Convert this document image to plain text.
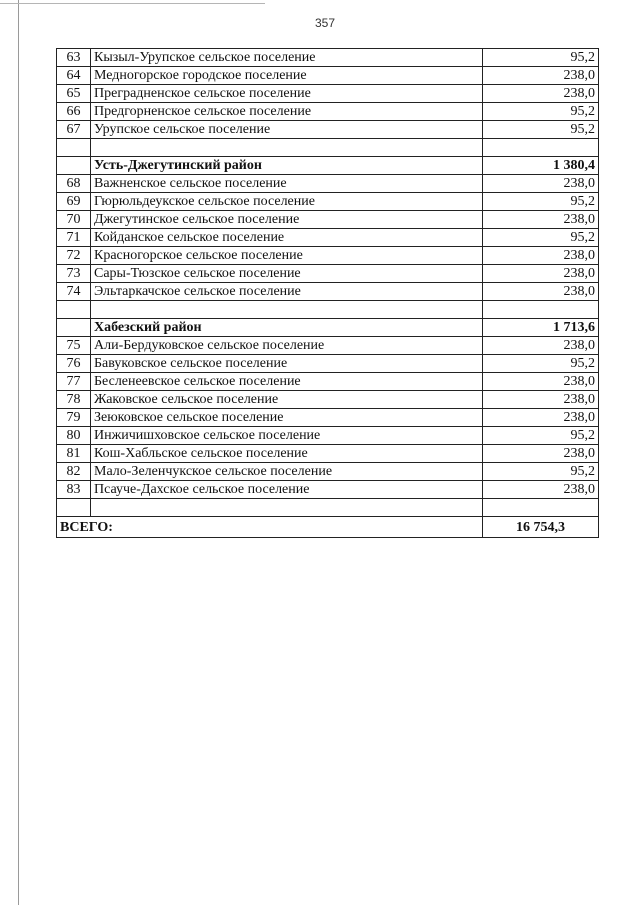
357
63	Кызыл-Урупское сельское поселение	95,2
64	Медногорское городское поселение	238,0
65	Преградненское сельское поселение	238,0
66	Предгорненское сельское поселение	95,2
67	Урупское сельское поселение	95,2

	Усть-Джегутинский район	1 380,4
68	Важненское сельское поселение	238,0
69	Гюрюльдеукское сельское поселение	95,2
70	Джегутинское сельское поселение	238,0
71	Койданское сельское поселение	95,2
72	Красногорское сельское поселение	238,0
73	Сары-Тюзское сельское поселение	238,0
74	Эльтаркачское сельское поселение	238,0

	Хабезский район	1 713,6
75	Али-Бердуковское сельское поселение	238,0
76	Бавуковское сельское поселение	95,2
77	Бесленеевское сельское поселение	238,0
78	Жаковское сельское поселение	238,0
79	Зеюковское сельское поселение	238,0
80	Инжичишховское сельское поселение	95,2
81	Кош-Хабльское сельское поселение	238,0
82	Мало-Зеленчукское сельское поселение	95,2
83	Псауче-Дахское сельское поселение	238,0

ВСЕГО:		16 754,3
